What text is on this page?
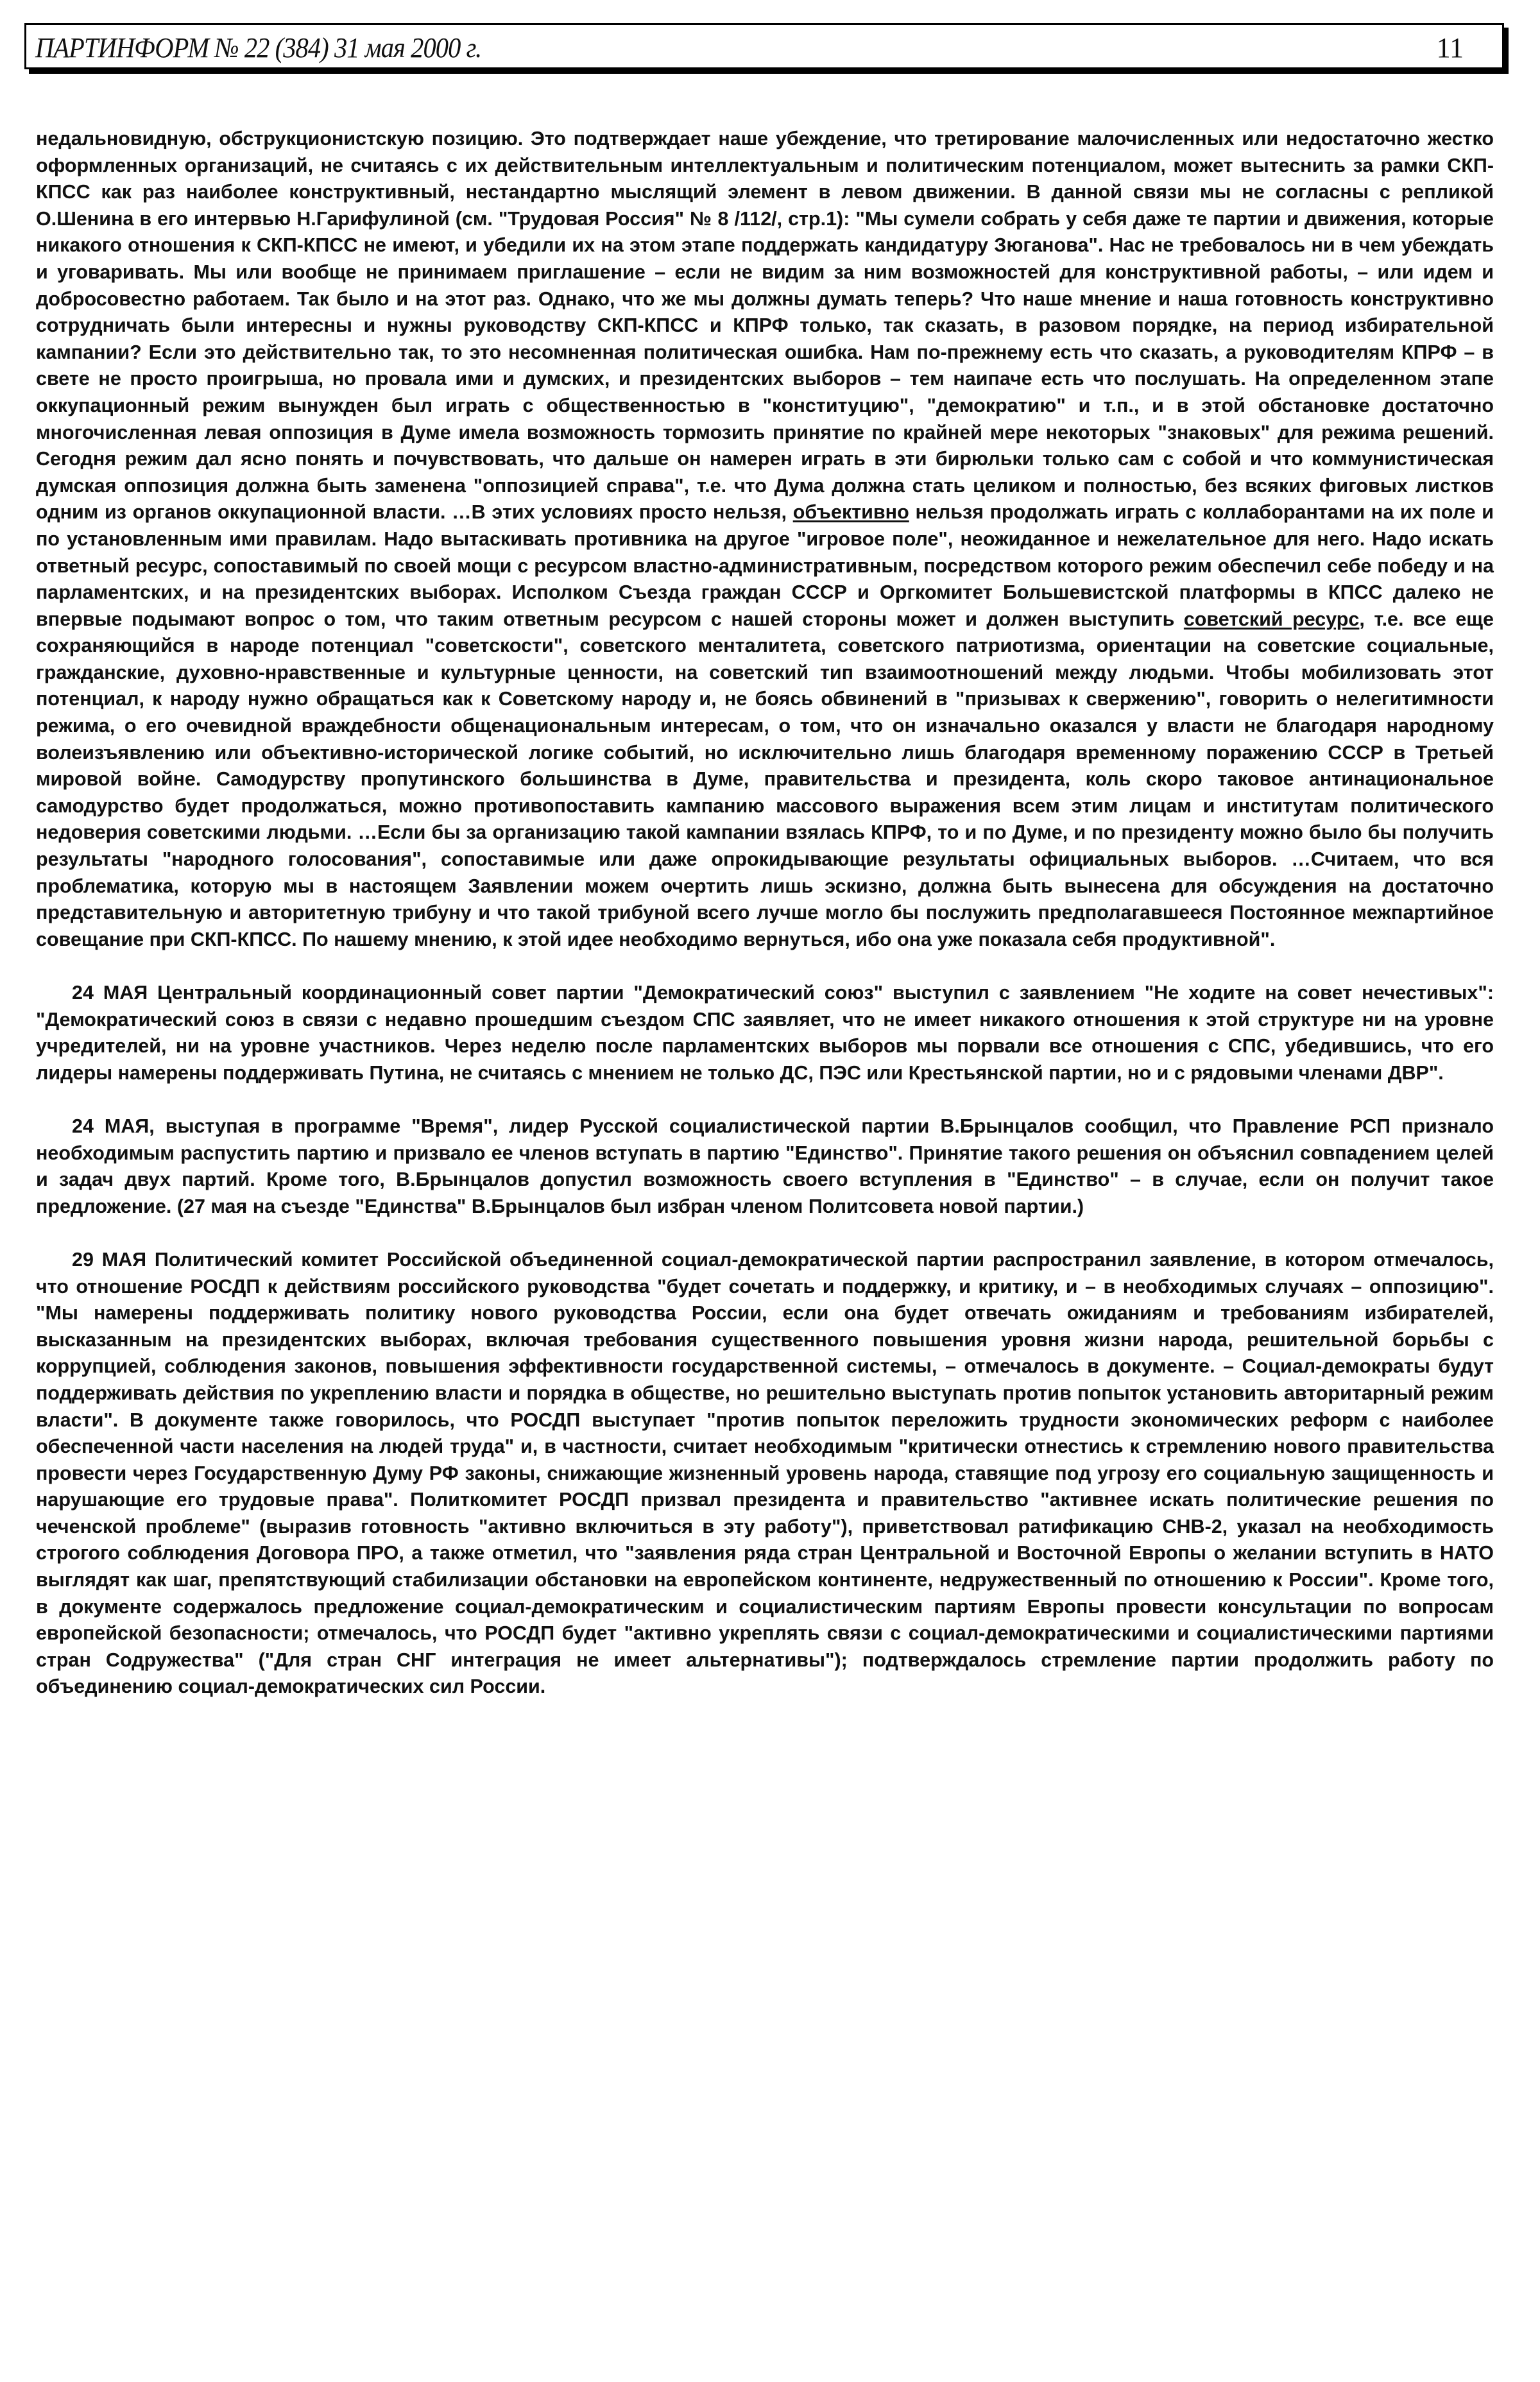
ПАРТИНФОРМ № 22 (384) 31 мая 2000 г.	11

недальновидную, обструкционистскую позицию. Это подтверждает наше убеждение, что третирование малочисленных или недостаточно жестко оформленных организаций, не считаясь с их действительным интеллектуальным и политическим потенциалом, может вытеснить за рамки СКП-КПСС как раз наиболее конструктивный, нестандартно мыслящий элемент в левом движении. В данной связи мы не согласны с репликой О.Шенина в его интервью Н.Гарифулиной (см. "Трудовая Россия" № 8 /112/, стр.1): "Мы сумели собрать у себя даже те партии и движения, которые никакого отношения к СКП-КПСС не имеют, и убедили их на этом этапе поддержать кандидатуру Зюганова". Нас не требовалось ни в чем убеждать и уговаривать. Мы или вообще не принимаем приглашение – если не видим за ним возможностей для конструктивной работы, – или идем и добросовестно работаем. Так было и на этот раз. Однако, что же мы должны думать теперь? Что наше мнение и наша готовность конструктивно сотрудничать были интересны и нужны руководству СКП-КПСС и КПРФ только, так сказать, в разовом порядке, на период избирательной кампании? Если это действительно так, то это несомненная политическая ошибка. Нам по-прежнему есть что сказать, а руководителям КПРФ – в свете не просто проигрыша, но провала ими и думских, и президентских выборов – тем наипаче есть что послушать. На определенном этапе оккупационный режим вынужден был играть с общественностью в "конституцию", "демократию" и т.п., и в этой обстановке достаточно многочисленная левая оппозиция в Думе имела возможность тормозить принятие по крайней мере некоторых "знаковых" для режима решений. Сегодня режим дал ясно понять и почувствовать, что дальше он намерен играть в эти бирюльки только сам с собой и что коммунистическая думская оппозиция должна быть заменена "оппозицией справа", т.е. что Дума должна стать целиком и полностью, без всяких фиговых листков одним из органов оккупационной власти. …В этих условиях просто нельзя, объективно нельзя продолжать играть с коллаборантами на их поле и по установленным ими правилам. Надо вытаскивать противника на другое "игровое поле", неожиданное и нежелательное для него. Надо искать ответный ресурс, сопоставимый по своей мощи с ресурсом властно-административным, посредством которого режим обеспечил себе победу и на парламентских, и на президентских выборах. Исполком Съезда граждан СССР и Оргкомитет Большевистской платформы в КПСС далеко не впервые подымают вопрос о том, что таким ответным ресурсом с нашей стороны может и должен выступить советский ресурс, т.е. все еще сохраняющийся в народе потенциал "советскости", советского менталитета, советского патриотизма, ориентации на советские социальные, гражданские, духовно-нравственные и культурные ценности, на советский тип взаимоотношений между людьми. Чтобы мобилизовать этот потенциал, к народу нужно обращаться как к Советскому народу и, не боясь обвинений в "призывах к свержению", говорить о нелегитимности режима, о его очевидной враждебности общенациональным интересам, о том, что он изначально оказался у власти не благодаря народному волеизъявлению или объективно-исторической логике событий, но исключительно лишь благодаря временному поражению СССР в Третьей мировой войне. Самодурству пропутинского большинства в Думе, правительства и президента, коль скоро таковое антинациональное самодурство будет продолжаться, можно противопоставить кампанию массового выражения всем этим лицам и институтам политического недоверия советскими людьми. …Если бы за организацию такой кампании взялась КПРФ, то и по Думе, и по президенту можно было бы получить результаты "народного голосования", сопоставимые или даже опрокидывающие результаты официальных выборов. …Считаем, что вся проблематика, которую мы в настоящем Заявлении можем очертить лишь эскизно, должна быть вынесена для обсуждения на достаточно представительную и авторитетную трибуну и что такой трибуной всего лучше могло бы послужить предполагавшееся Постоянное межпартийное совещание при СКП-КПСС. По нашему мнению, к этой идее необходимо вернуться, ибо она уже показала себя продуктивной".

24 МАЯ Центральный координационный совет партии "Демократический союз" выступил с заявлением "Не ходите на совет нечестивых": "Демократический союз в связи с недавно прошедшим съездом СПС заявляет, что не имеет никакого отношения к этой структуре ни на уровне учредителей, ни на уровне участников. Через неделю после парламентских выборов мы порвали все отношения с СПС, убедившись, что его лидеры намерены поддерживать Путина, не считаясь с мнением не только ДС, ПЭС или Крестьянской партии, но и с рядовыми членами ДВР".

24 МАЯ, выступая в программе "Время", лидер Русской социалистической партии В.Брынцалов сообщил, что Правление РСП признало необходимым распустить партию и призвало ее членов вступать в партию "Единство". Принятие такого решения он объяснил совпадением целей и задач двух партий. Кроме того, В.Брынцалов допустил возможность своего вступления в "Единство" – в случае, если он получит такое предложение. (27 мая на съезде "Единства" В.Брынцалов был избран членом Политсовета новой партии.)

29 МАЯ Политический комитет Российской объединенной социал-демократической партии распространил заявление, в котором отмечалось, что отношение РОСДП к действиям российского руководства "будет сочетать и поддержку, и критику, и – в необходимых случаях – оппозицию". "Мы намерены поддерживать политику нового руководства России, если она будет отвечать ожиданиям и требованиям избирателей, высказанным на президентских выборах, включая требования существенного повышения уровня жизни народа, решительной борьбы с коррупцией, соблюдения законов, повышения эффективности государственной системы, – отмечалось в документе. – Социал-демократы будут поддерживать действия по укреплению власти и порядка в обществе, но решительно выступать против попыток установить авторитарный режим власти". В документе также говорилось, что РОСДП выступает "против попыток переложить трудности экономических реформ с наиболее обеспеченной части населения на людей труда" и, в частности, считает необходимым "критически отнестись к стремлению нового правительства провести через Государственную Думу РФ законы, снижающие жизненный уровень народа, ставящие под угрозу его социальную защищенность и нарушающие его трудовые права". Политкомитет РОСДП призвал президента и правительство "активнее искать политические решения по чеченской проблеме" (выразив готовность "активно включиться в эту работу"), приветствовал ратификацию СНВ-2, указал на необходимость строгого соблюдения Договора ПРО, а также отметил, что "заявления ряда стран Центральной и Восточной Европы о желании вступить в НАТО выглядят как шаг, препятствующий стабилизации обстановки на европейском континенте, недружественный по отношению к России". Кроме того, в документе содержалось предложение социал-демократическим и социалистическим партиям Европы провести консультации по вопросам европейской безопасности; отмечалось, что РОСДП будет "активно укреплять связи с социал-демократическими и социалистическими партиями стран Содружества" ("Для стран СНГ интеграция не имеет альтернативы"); подтверждалось стремление партии продолжить работу по объединению социал-демократических сил России.
